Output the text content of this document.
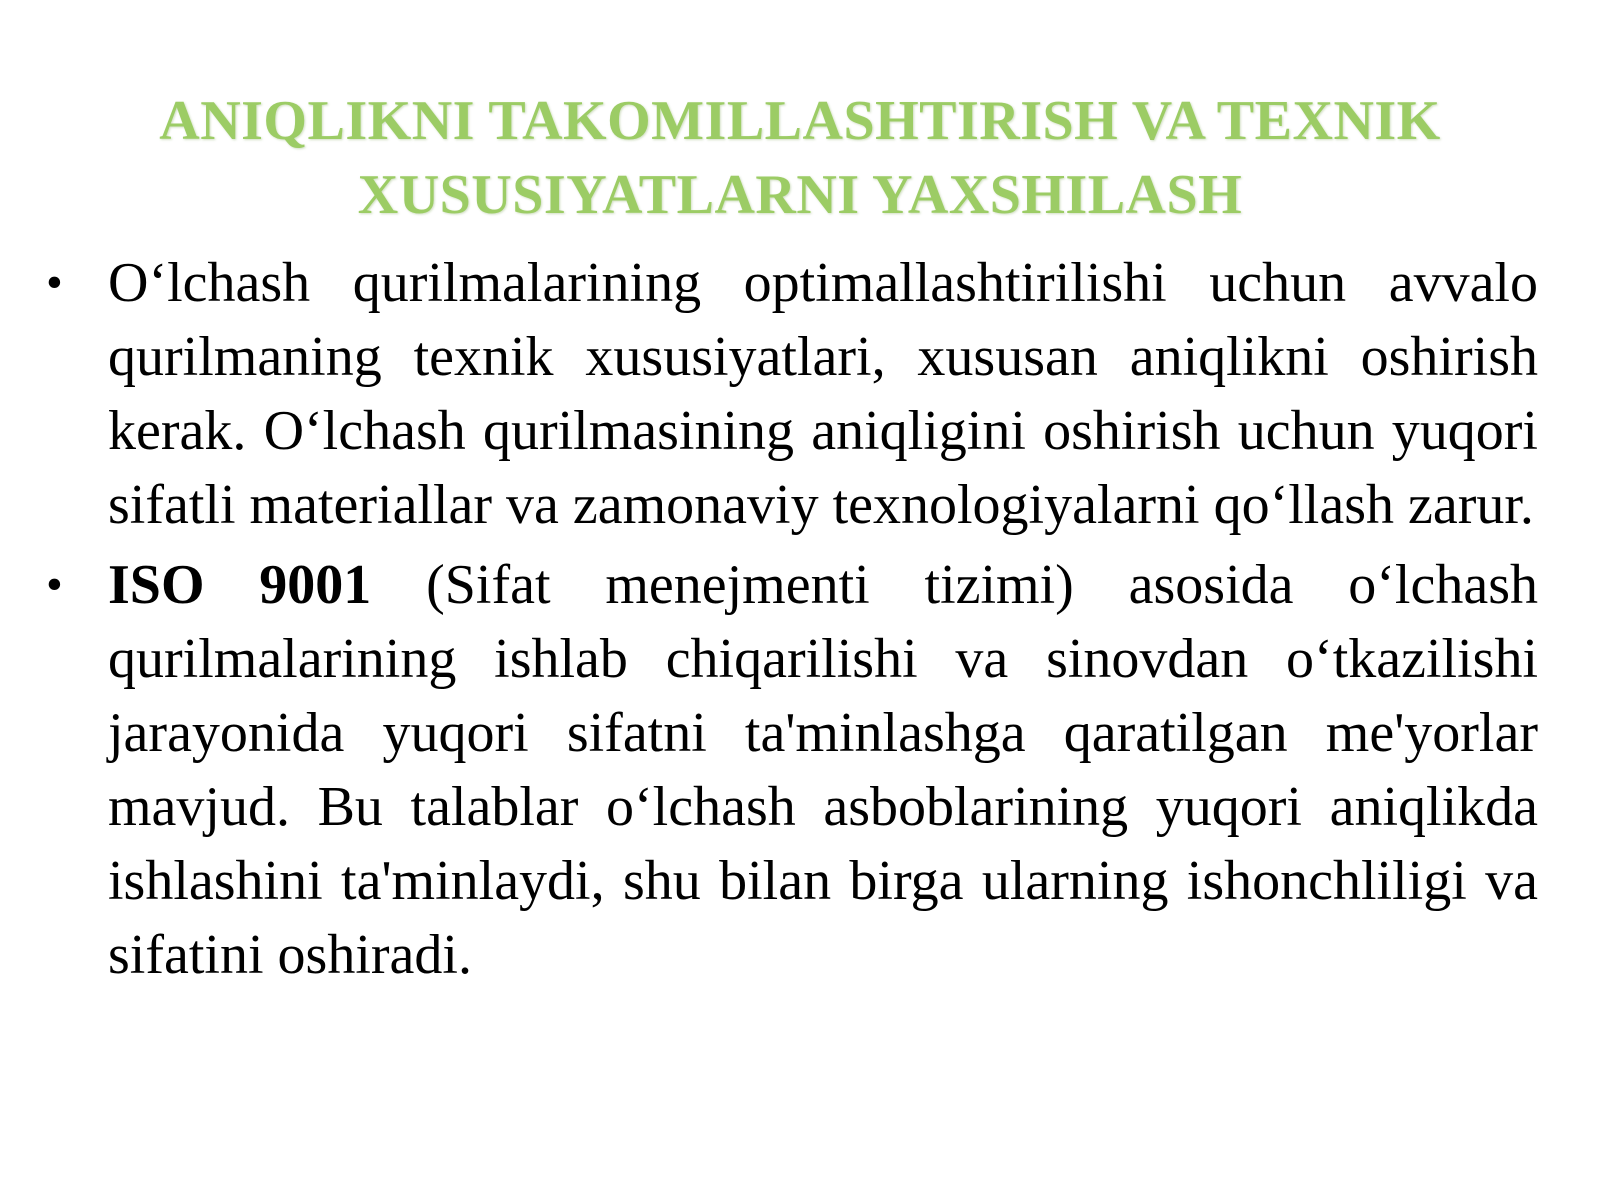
ANIQLIKNI TAKOMILLASHTIRISH VA TEXNIK
XUSUSIYATLARNI YAXSHILASH
• O‘lchash qurilmalarining optimallashtirilishi uchun avvalo qurilmaning texnik xususiyatlari, xususan aniqlikni oshirish kerak. O‘lchash qurilmasining aniqligini oshirish uchun yuqori sifatli materiallar va zamonaviy texnologiyalarni qo‘llash zarur.
• ISO 9001 (Sifat menejmenti tizimi) asosida o‘lchash qurilmalarining ishlab chiqarilishi va sinovdan o‘tkazilishi jarayonida yuqori sifatni ta'minlashga qaratilgan me'yorlar mavjud. Bu talablar o‘lchash asboblarining yuqori aniqlikda ishlashini ta'minlaydi, shu bilan birga ularning ishonchliligi va sifatini oshiradi.
